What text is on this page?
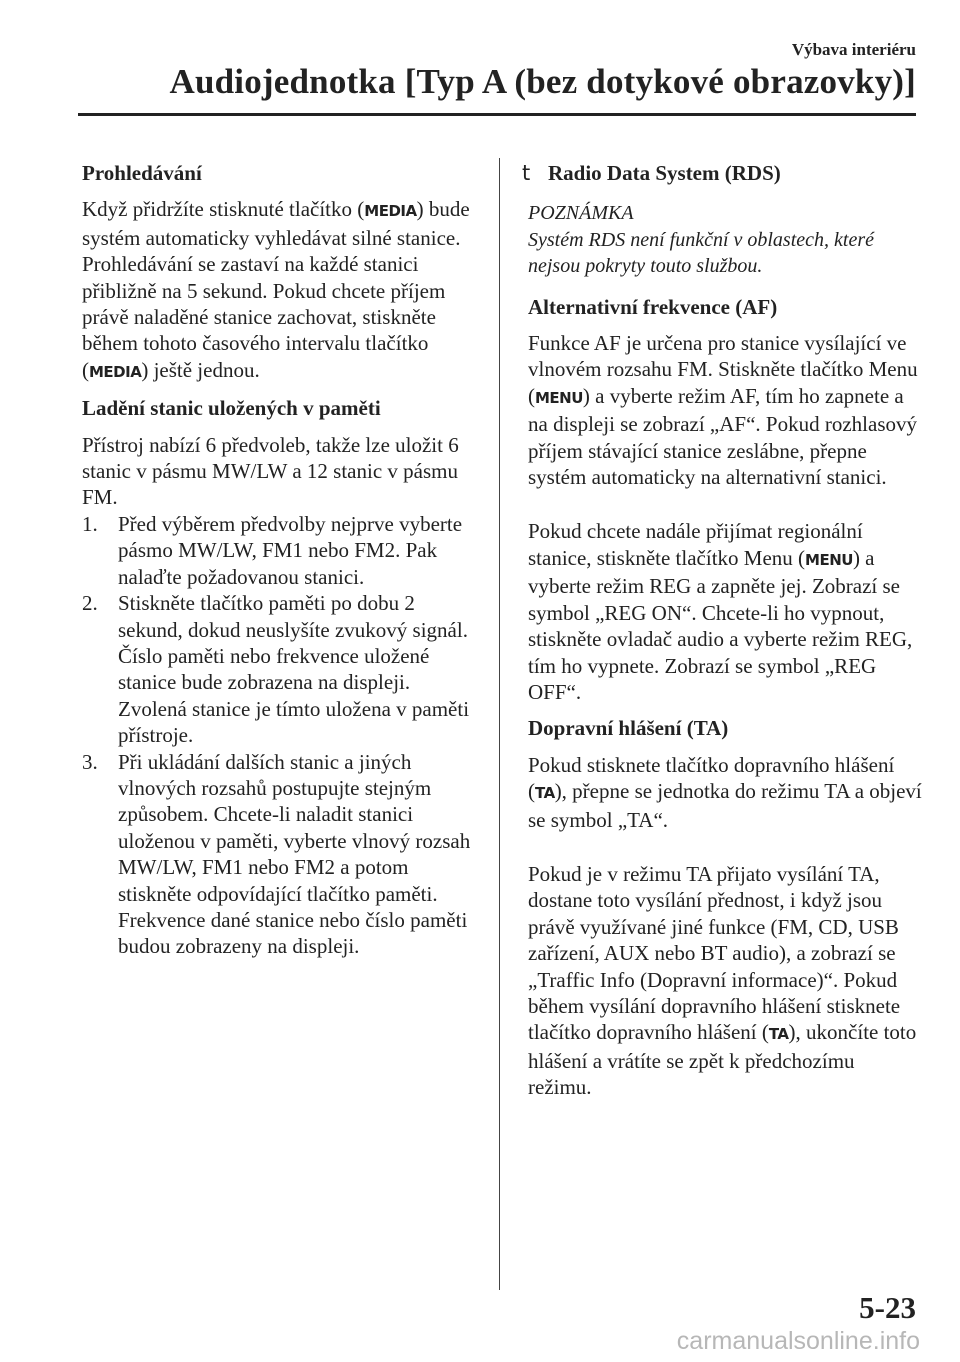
Výbava interiéru
Audiojednotka [Typ A (bez dotykové obrazovky)]
Prohledávání

Když přidržíte stisknuté tlačítko (MEDIA) bude systém automaticky vyhledávat silné stanice. Prohledávání se zastaví na každé stanici přibližně na 5 sekund. Pokud chcete příjem právě naladěné stanice zachovat, stiskněte během tohoto časového intervalu tlačítko (MEDIA) ještě jednou.

Ladění stanic uložených v paměti

Přístroj nabízí 6 předvoleb, takže lze uložit 6 stanic v pásmu MW/LW a 12 stanic v pásmu FM.

1. Před výběrem předvolby nejprve vyberte pásmo MW/LW, FM1 nebo FM2. Pak nalaďte požadovanou stanici.
2. Stiskněte tlačítko paměti po dobu 2 sekund, dokud neuslyšíte zvukový signál. Číslo paměti nebo frekvence uložené stanice bude zobrazena na displeji. Zvolená stanice je tímto uložena v paměti přístroje.
3. Při ukládání dalších stanic a jiných vlnových rozsahů postupujte stejným způsobem. Chcete-li naladit stanici uloženou v paměti, vyberte vlnový rozsah MW/LW, FM1 nebo FM2 a potom stiskněte odpovídající tlačítko paměti. Frekvence dané stanice nebo číslo paměti budou zobrazeny na displeji.
t Radio Data System (RDS)
POZNÁMKA
Systém RDS není funkční v oblastech, které nejsou pokryty touto službou.
Alternativní frekvence (AF)

Funkce AF je určena pro stanice vysílající ve vlnovém rozsahu FM. Stiskněte tlačítko Menu (MENU) a vyberte režim AF, tím ho zapnete a na displeji se zobrazí „AF“. Pokud rozhlasový příjem stávající stanice zeslábne, přepne systém automaticky na alternativní stanici.

Pokud chcete nadále přijímat regionální stanice, stiskněte tlačítko Menu (MENU) a vyberte režim REG a zapněte jej. Zobrazí se symbol „REG ON“. Chcete-li ho vypnout, stiskněte ovladač audio a vyberte režim REG, tím ho vypnete. Zobrazí se symbol „REG OFF“.

Dopravní hlášení (TA)

Pokud stisknete tlačítko dopravního hlášení (TA), přepne se jednotka do režimu TA a objeví se symbol „TA“.

Pokud je v režimu TA přijato vysílání TA, dostane toto vysílání přednost, i když jsou právě využívané jiné funkce (FM, CD, USB zařízení, AUX nebo BT audio), a zobrazí se „Traffic Info (Dopravní informace)“. Pokud během vysílání dopravního hlášení stisknete tlačítko dopravního hlášení (TA), ukončíte toto hlášení a vrátíte se zpět k předchozímu režimu.

5-23
carmanualsonline.info
